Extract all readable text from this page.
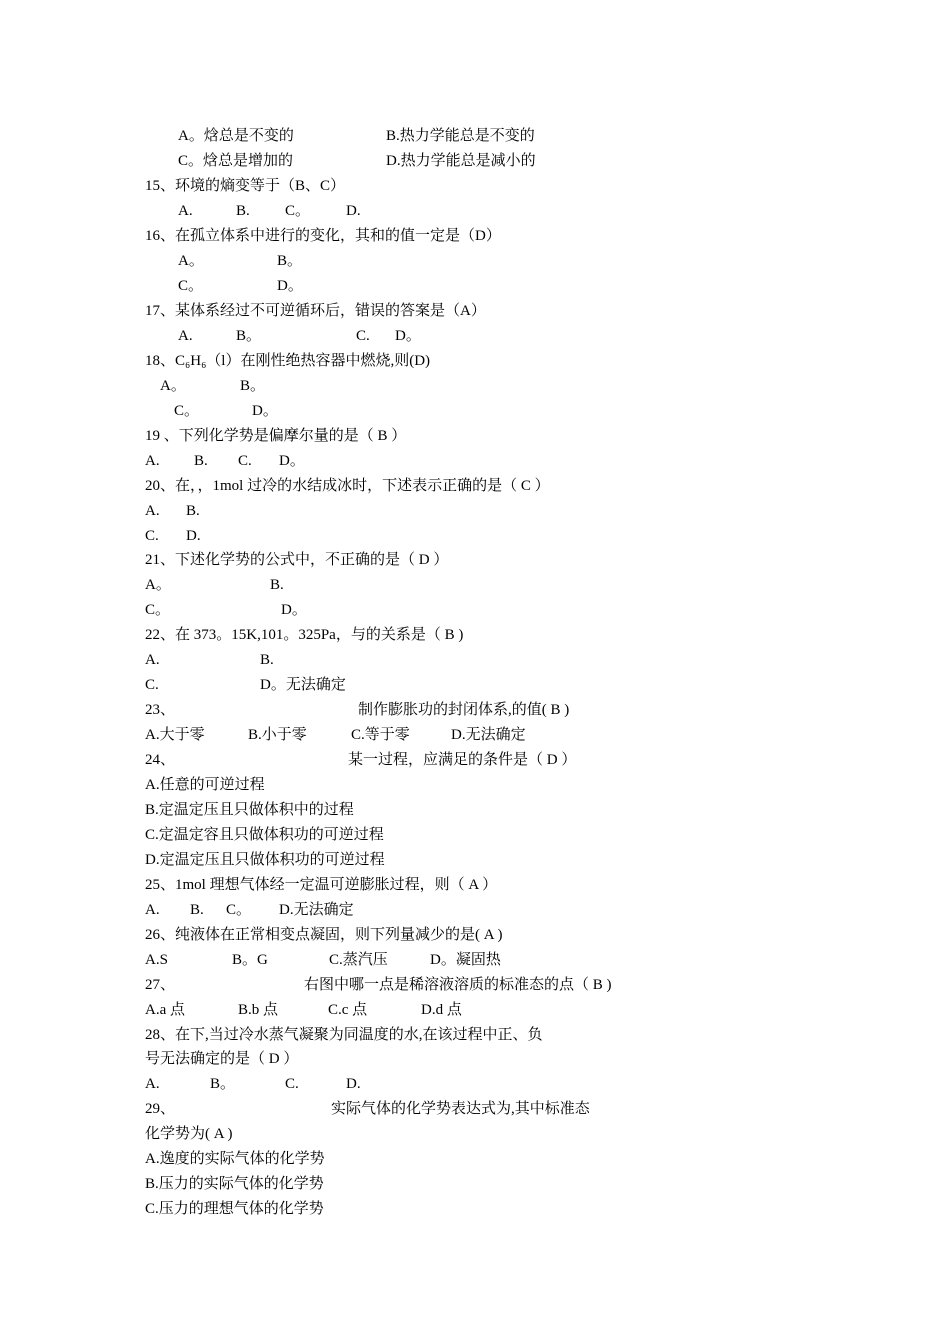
A。焓总是不变的	B.热力学能总是不变的
C。焓总是增加的	D.热力学能总是减小的
15、环境的熵变等于（B、C）
A.	B. C。 D.
16、在孤立体系中进行的变化，其和的值一定是（D）
A。	B。
C。	D。
17、某体系经过不可逆循环后，错误的答案是（A）
A.	B。	C. D。
18、C₆H₆（l）在刚性绝热容器中燃烧,则(D)
A。	B。
C。	D。
19 、下列化学势是偏摩尔量的是（ B ）
A. B. C. D。
20、在，，1mol 过冷的水结成冰时，下述表示正确的是（ C ）
A. B.
C. D.
21、下述化学势的公式中，不正确的是（ D ）
A。	B.
C。	D。
22、在 373。15K,101。325Pa，与的关系是（ B )
A.	B.
C.	D。无法确定
23、	制作膨胀功的封闭体系,的值( B )
A.大于零	B.小于零	C.等于零	D.无法确定
24、	某一过程，应满足的条件是（ D ）
A.任意的可逆过程
B.定温定压且只做体积中的过程
C.定温定容且只做体积功的可逆过程
D.定温定压且只做体积功的可逆过程
25、1mol 理想气体经一定温可逆膨胀过程，则（ A ）
A. B. C。 D.无法确定
26、纯液体在正常相变点凝固，则下列量减少的是( A )
A.S	B。G	C.蒸汽压	D。凝固热
27、	右图中哪一点是稀溶液溶质的标准态的点（ B )
A.a 点	B.b 点	C.c 点	D.d 点
28、在下,当过冷水蒸气凝聚为同温度的水,在该过程中正、负
号无法确定的是（ D ）
A.	B。	C.	D.
29、	实际气体的化学势表达式为,其中标准态
化学势为( A )
A.逸度的实际气体的化学势
B.压力的实际气体的化学势
C.压力的理想气体的化学势
